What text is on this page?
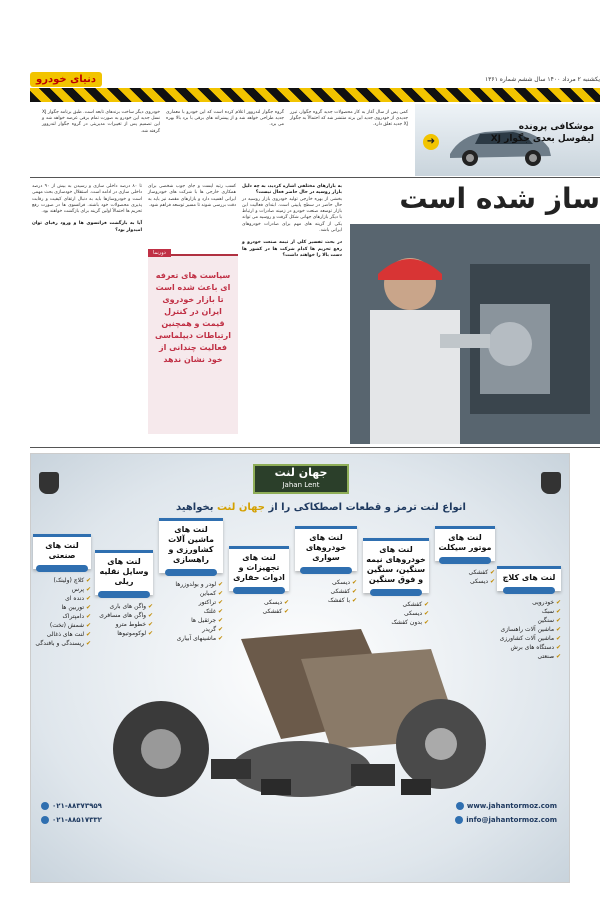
یکشنبه ۲ مرداد ۱۴۰۰ سال ششم شماره ۱۳۶۱
دنیای خودرو
موشکافی پرونده
لیفوسل بعدی جگوار XJ
➜
کمی پس از سال آغاز به کار محصولات جدید گروه جگوار، تیزر جدیدی از خودروی جدید این برند منتشر شد که احتمالاً به جگوار XJ جدید تعلق دارد.
گروه جگوار لندروور اعلام کرده است که این خودرو با معماری جدید طراحی خواهد شد و از پیشرانه های برقی با برد بالا بهره می برد.
خودروی دیگر ساخت برندهای تابعه است. طبق برنامه جگوار XJ نسل جدید این خودرو به صورت تمام برقی عرضه خواهد شد و این تصمیم پس از تغییرات مدیریتی در گروه جگوار لندروور گرفته شد.
ساز شده است
به بازارهای مختلفی اشاره کردید، به چه دلیل بازار روسیه در حال حاضر فعال نیست؟
بخشی از بهره خارجی تولید خودروی بازار روسیه در حال حاضر در سطح پایینی است. ابتدای فعالیت این بازار توسعه صنعت خودرو در زمینه صادرات و ارتباط با دیگر بازارهای جهانی شکل گرفت و روسیه می تواند یکی از گزینه های مهم برای صادرات خودروهای ایرانی باشد.
در بحث تفسیر کلی از تیمه صنعت خودرو و رفع تحریم ها کدام شرکت ها در کشور ها دست بالا را خواهند داشت؟
کسب رتبه ایست و جای جوب شخصی برای همکاری خارجی ها با شرکت های خودروساز ایرانی اهمیت دارد و بازارهای مقصد نیز باید به دقت بررسی شوند تا مسیر توسعه فراهم شود.
دورنما
سیاست های تعرفه ای باعث شده است تا بازار خودروی ایران در کنترل قیمت و همچنین ارتباطات دیپلماسی فعالیت چندانی از خود نشان ندهد
تا ۸۰ درصد داخلی سازی و رسیدن به بیش از ۹۰ درصد داخلی سازی در ادامه است. استقلال خودسازی بحث مهمی است و خودروسازها باید به دنبال ارتقای کیفیت و رقابت پذیری محصولات خود باشند. فرانسوی ها در صورت رفع تحریم ها احتمالاً اولین گزینه برای بازگشت خواهند بود.
آیا به بازگشت فرانسوی ها و ورود رقبای توان امیدوار بود؟
جهان لنت
Jahan Lent
انواع لنت ترمز و قطعات اصطکاکی را از جهان لنت بخواهید
لنت های کلاچ
✔ خودرویی
✔ سبک
✔ سنگین
✔ ماشین آلات راهسازی
✔ ماشین آلات کشاورزی
✔ دستگاه های برش
✔ صنعتی
لنت های موتور سیکلت
✔ کفشکی
✔ دیسکی
لنت های خودروهای نیمه سنگین، سنگین و فوق سنگین
✔ کفشکی
✔ دیسکی
✔ بدون کفشک
لنت های خودروهای سواری
✔ دیسکی
✔ کفشکی
✔ با کفشک
لنت های تجهیزات و ادوات حفاری
✔ دیسکی
✔ کفشکی
لنت های ماشین آلات کشاورزی و راهسازی
✔ لودر و بولدوزرها
✔ کمباین
✔ تراکتور
✔ غلتک
✔ جرثقیل ها
✔ گریدر
✔ ماشینهای آبیاری
لنت های وسایل نقلیه ریلی
✔ واگن های باری
✔ واگن های مسافری
✔ خطوط مترو
✔ لوکوموتیوها
لنت های صنعتی
✔ کلاچ (ولینک)
✔ پرس
✔ دنده ای
✔ توربین ها
✔ دامپتراک
✔ شمش (تخت)
✔ لنت های ذغالی
✔ ریسندگی و بافندگی
۰۲۱-۸۸۳۷۳۹۵۹
۰۲۱-۸۸۵۱۷۳۳۲
www.jahantormoz.com
info@jahantormoz.com
